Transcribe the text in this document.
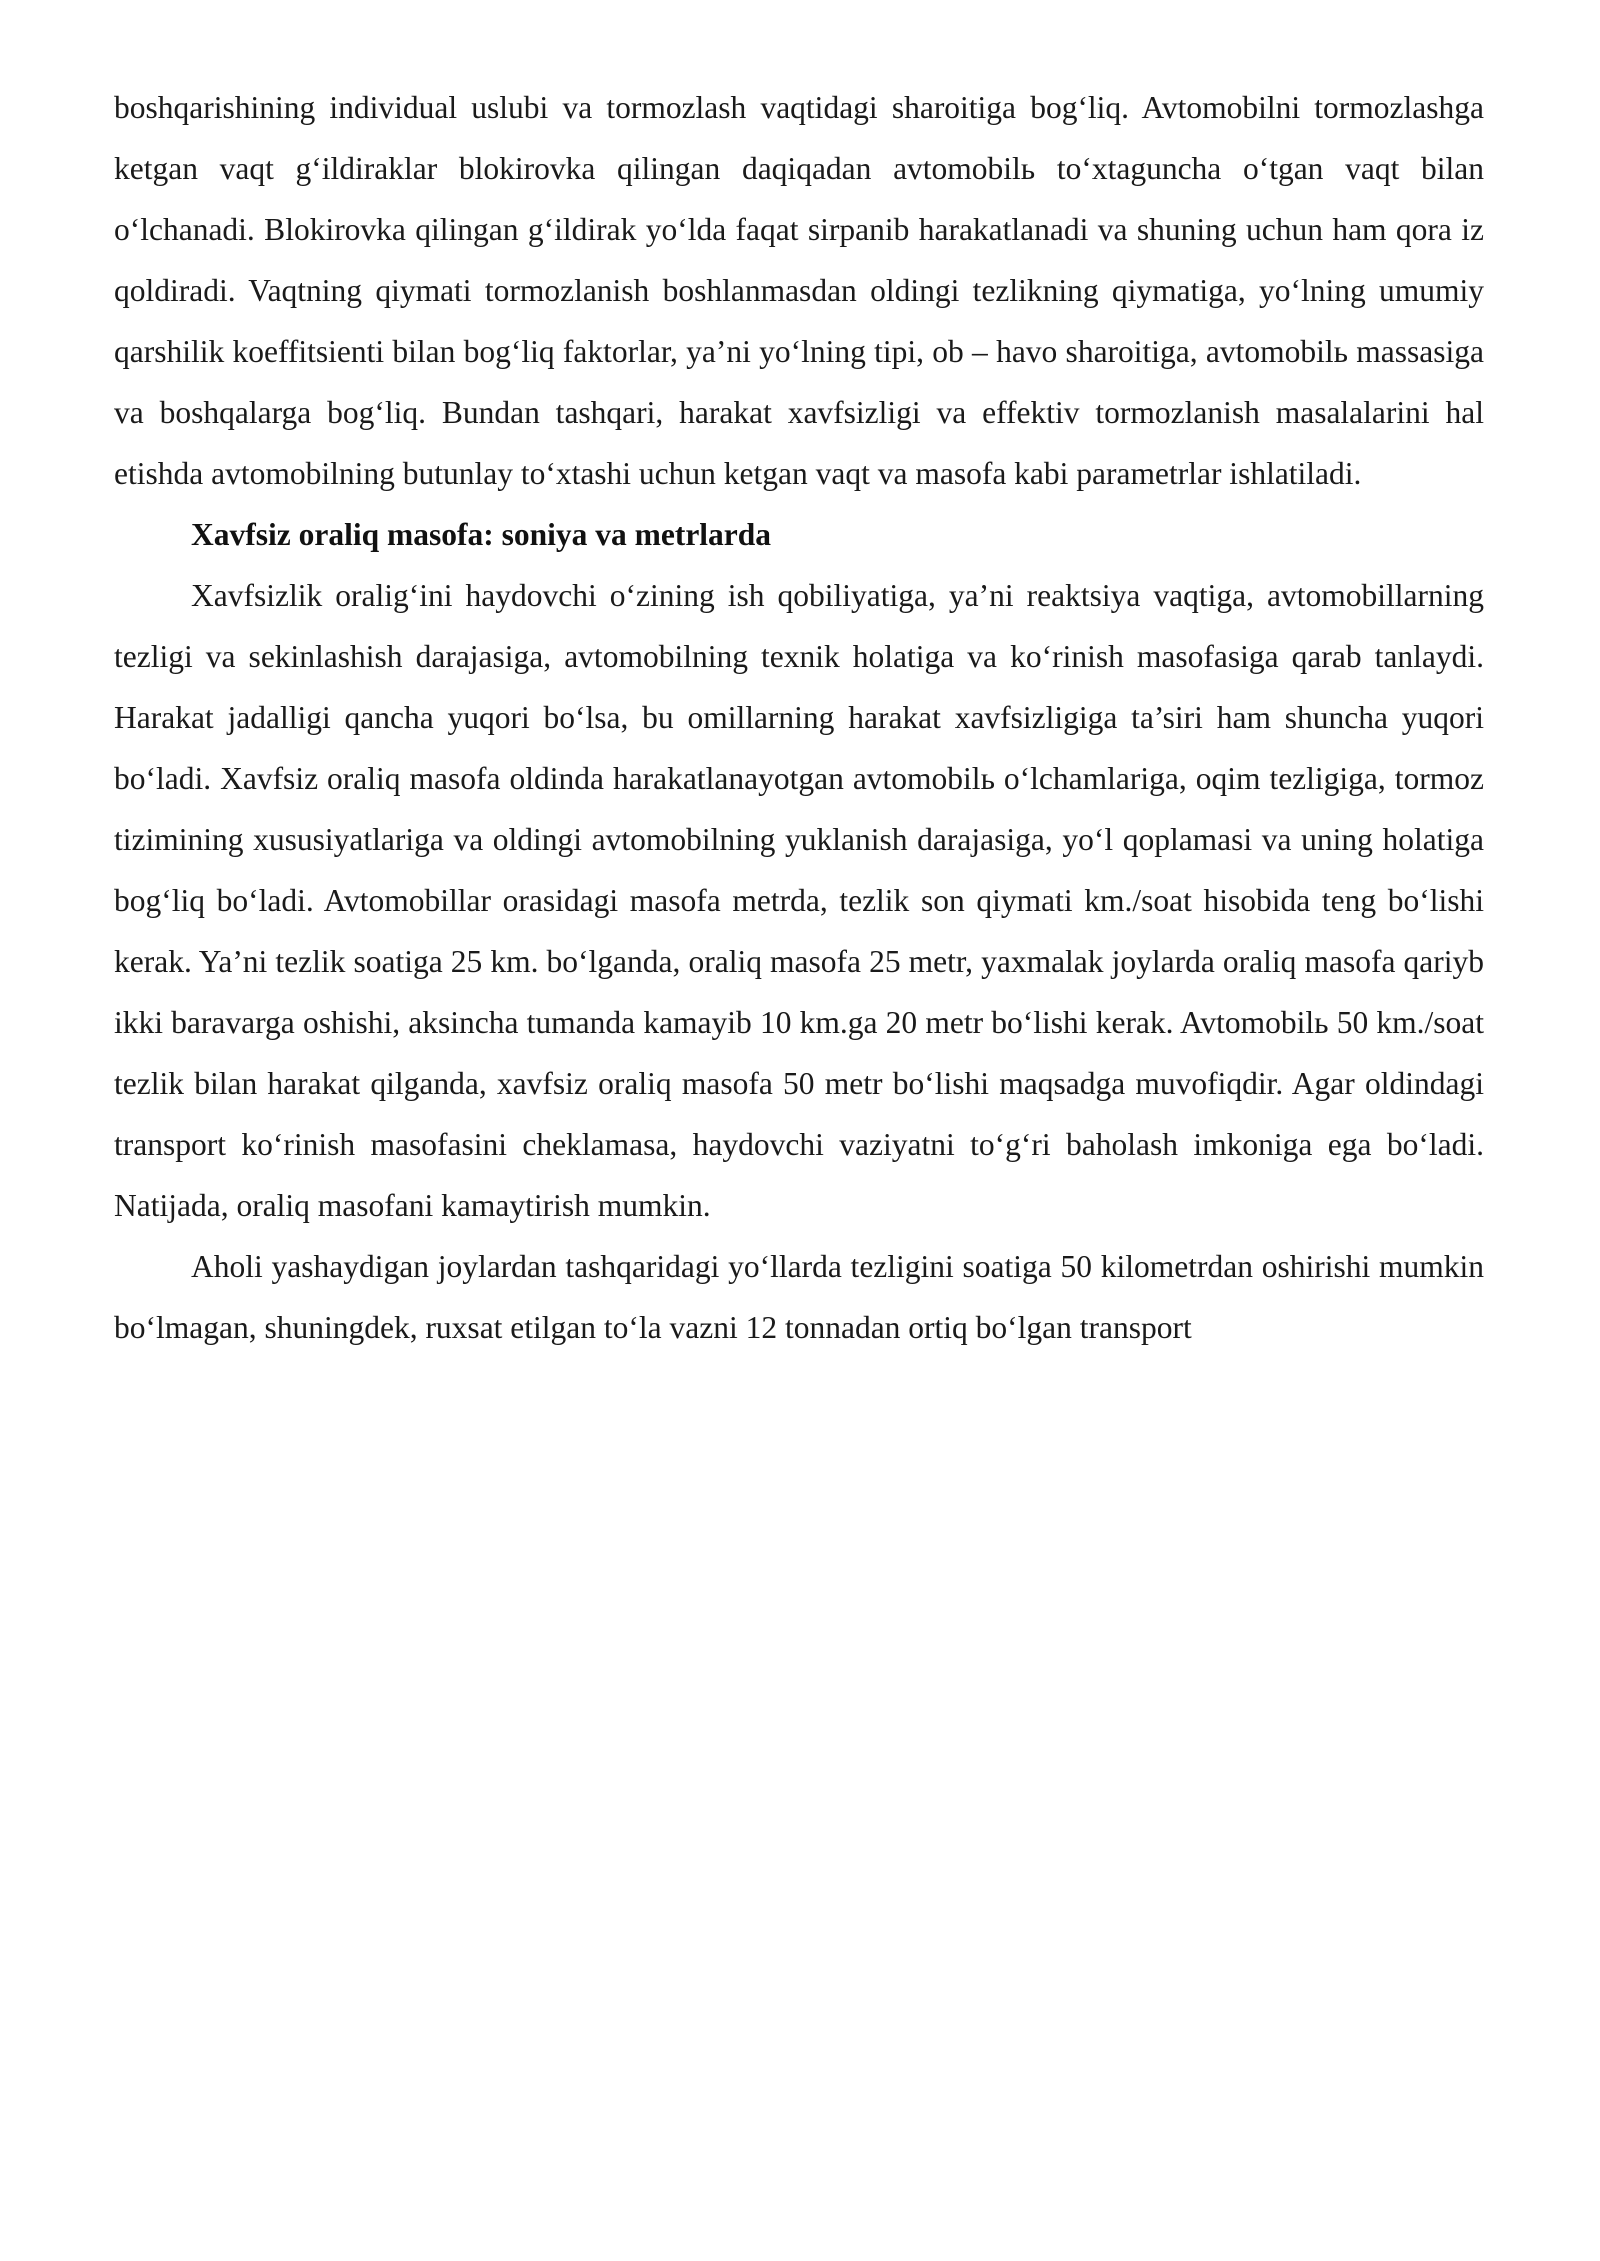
boshqarishining individual uslubi va tormozlash vaqtidagi sharoitiga bog‘liq. Avtomobilni tormozlashga ketgan vaqt g‘ildiraklar blokirovka qilingan daqiqadan avtomobilь to‘xtaguncha o‘tgan vaqt bilan o‘lchanadi. Blokirovka qilingan g‘ildirak yo‘lda faqat sirpanib harakatlanadi va shuning uchun ham qora iz qoldiradi. Vaqtning qiymati tormozlanish boshlanmasdan oldingi tezlikning qiymatiga, yo‘lning umumiy qarshilik koeffitsienti bilan bog‘liq faktorlar, ya’ni yo‘lning tipi, ob – havo sharoitiga, avtomobilь massasiga va boshqalarga bog‘liq. Bundan tashqari, harakat xavfsizligi va effektiv tormozlanish masalalarini hal etishda avtomobilning butunlay to‘xtashi uchun ketgan vaqt va masofa kabi parametrlar ishlatiladi.

Xavfsiz oraliq masofa: soniya va metrlarda

Xavfsizlik oralig‘ini haydovchi o‘zining ish qobiliyatiga, ya’ni reaktsiya vaqtiga, avtomobillarning tezligi va sekinlashish darajasiga, avtomobilning texnik holatiga va ko‘rinish masofasiga qarab tanlaydi. Harakat jadalligi qancha yuqori bo‘lsa, bu omillarning harakat xavfsizligiga ta’siri ham shuncha yuqori bo‘ladi. Xavfsiz oraliq masofa oldinda harakatlanayotgan avtomobilь o‘lchamlariga, oqim tezligiga, tormoz tizimining xususiyatlariga va oldingi avtomobilning yuklanish darajasiga, yo‘l qoplamasi va uning holatiga bog‘liq bo‘ladi. Avtomobillar orasidagi masofa metrda, tezlik son qiymati km./soat hisobida teng bo‘lishi kerak. Ya’ni tezlik soatiga 25 km. bo‘lganda, oraliq masofa 25 metr, yaxmalak joylarda oraliq masofa qariyb ikki baravarga oshishi, aksincha tumanda kamayib 10 km.ga 20 metr bo‘lishi kerak. Avtomobilь 50 km./soat tezlik bilan harakat qilganda, xavfsiz oraliq masofa 50 metr bo‘lishi maqsadga muvofiqdir. Agar oldindagi transport ko‘rinish masofasini cheklamasa, haydovchi vaziyatni to‘g‘ri baholash imkoniga ega bo‘ladi. Natijada, oraliq masofani kamaytirish mumkin.

Aholi yashaydigan joylardan tashqaridagi yo‘llarda tezligini soatiga 50 kilometrdan oshirishi mumkin bo‘lmagan, shuningdek, ruxsat etilgan to‘la vazni 12 tonnadan ortiq bo‘lgan transport
